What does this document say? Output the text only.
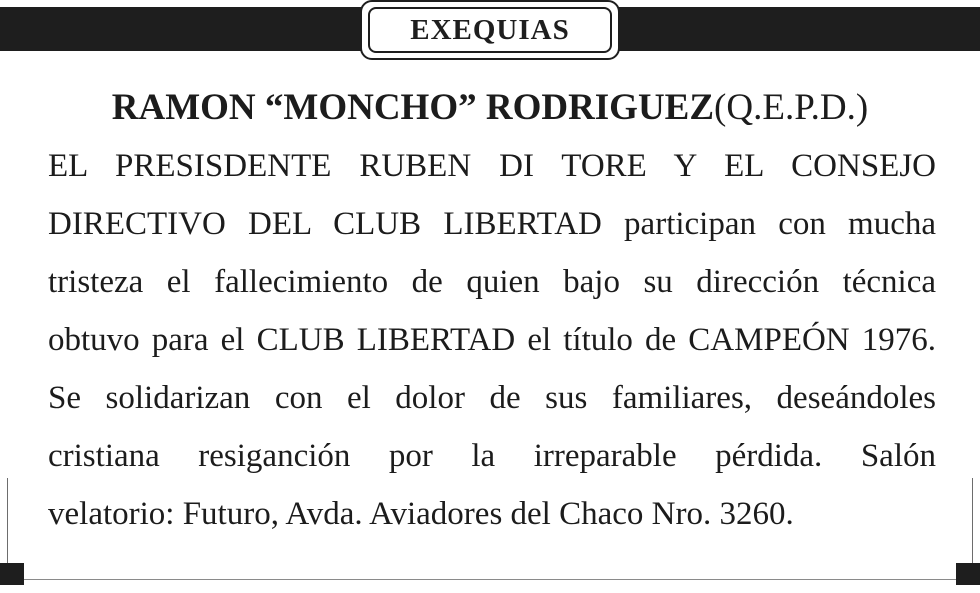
EXEQUIAS
RAMON “MONCHO” RODRIGUEZ(Q.E.P.D.)
EL PRESISDENTE RUBEN DI TORE Y EL CONSEJO
DIRECTIVO DEL CLUB LIBERTAD participan con mucha
tristeza el fallecimiento de quien bajo su dirección técnica
obtuvo para el CLUB LIBERTAD el título de CAMPEÓN 1976.
Se solidarizan con el dolor de sus familiares, deseándoles
cristiana resiganción por la irreparable pérdida. Salón
velatorio: Futuro, Avda. Aviadores del Chaco Nro. 3260.
